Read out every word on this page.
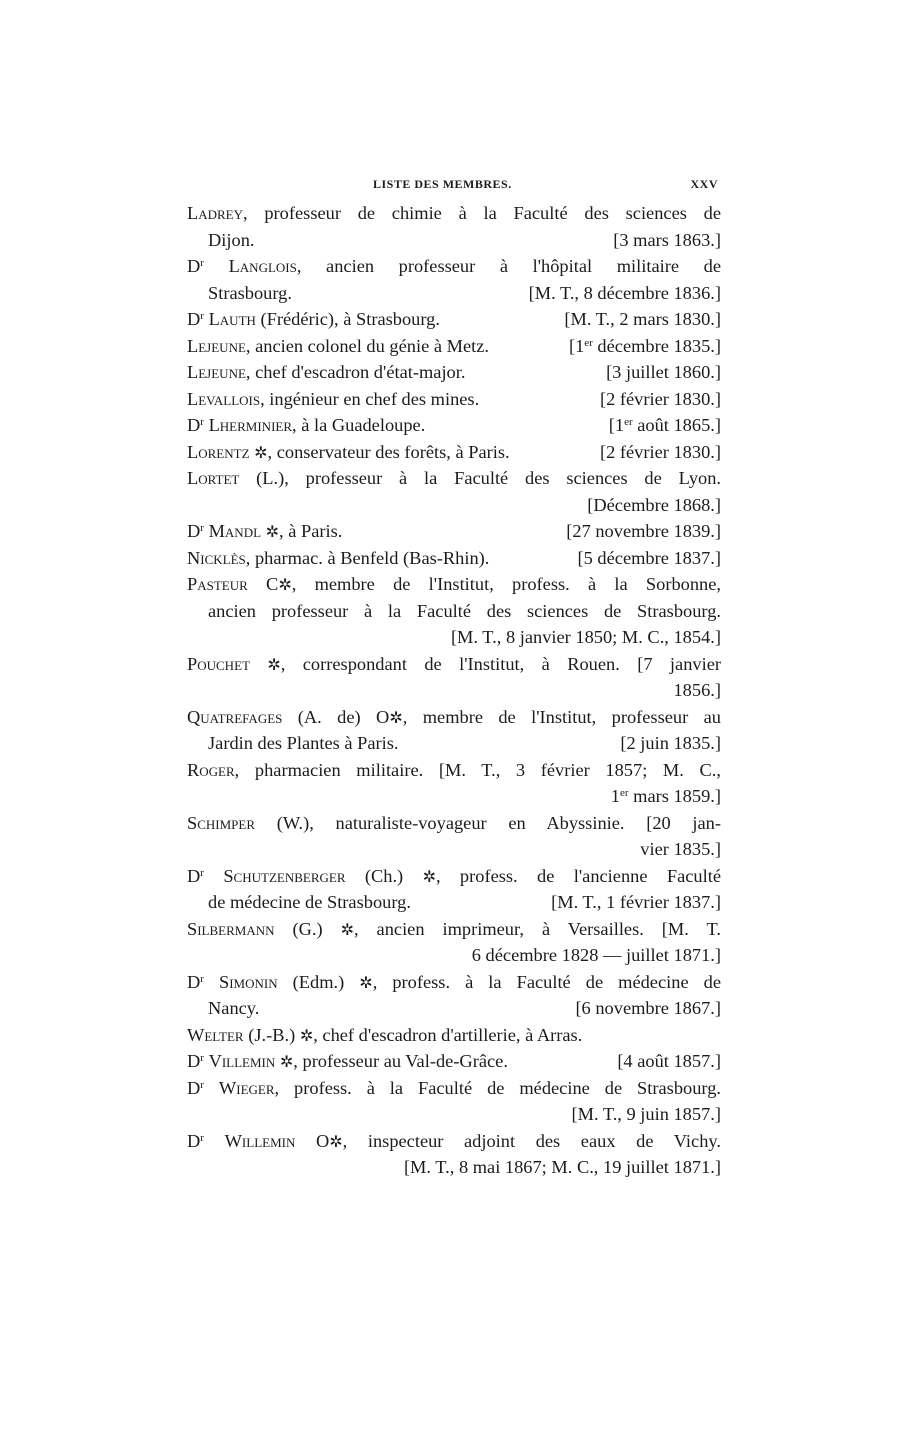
LISTE DES MEMBRES.	XXV
Ladrey, professeur de chimie à la Faculté des sciences de
Dijon.	[3 mars 1863.]
$D^r$ Langlois, ancien professeur à l'hôpital militaire de
Strasbourg.	[M. T., 8 décembre 1836.]
$D^r$ Lauth (Frédéric), à Strasbourg.	[M. T., 2 mars 1830.]
Lejeune, ancien colonel du génie à Metz.	[1er décembre 1835.]
Lejeune, chef d'escadron d'état-major.	[3 juillet 1860.]
Levallois, ingénieur en chef des mines.	[2 février 1830.]
$D^r$ Lherminier, à la Guadeloupe.	[1er août 1865.]
Lorentz ✲, conservateur des forêts, à Paris.	[2 février 1830.]
Lortet (L.), professeur à la Faculté des sciences de Lyon.
[Décembre 1868.]
$D^r$ Mandl ✲, à Paris.	[27 novembre 1839.]
Nicklès, pharmac. à Benfeld (Bas-Rhin).	[5 décembre 1837.]
Pasteur C✲, membre de l'Institut, profess. à la Sorbonne,
ancien professeur à la Faculté des sciences de Strasbourg.
[M. T., 8 janvier 1850; M. C., 1854.]
Pouchet ✲, correspondant de l'Institut, à Rouen. [7 janvier
1856.]
Quatrefages (A. de) O✲, membre de l'Institut, professeur au
Jardin des Plantes à Paris.	[2 juin 1835.]
Roger, pharmacien militaire. [M. T., 3 février 1857; M. C.,
1er mars 1859.]
Schimper (W.), naturaliste-voyageur en Abyssinie. [20 jan-
vier 1835.]
$D^r$ Schutzenberger (Ch.) ✲, profess. de l'ancienne Faculté
de médecine de Strasbourg.	[M. T., 1 février 1837.]
Silbermann (G.) ✲, ancien imprimeur, à Versailles. [M. T.
6 décembre 1828 — juillet 1871.]
$D^r$ Simonin (Edm.) ✲, profess. à la Faculté de médecine de
Nancy.	[6 novembre 1867.]
Welter (J.-B.) ✲, chef d'escadron d'artillerie, à Arras.
$D^r$ Villemin ✲, professeur au Val-de-Grâce.	[4 août 1857.]
$D^r$ Wieger, profess. à la Faculté de médecine de Strasbourg.
[M. T., 9 juin 1857.]
$D^r$ Willemin O✲, inspecteur adjoint des eaux de Vichy.
[M. T., 8 mai 1867; M. C., 19 juillet 1871.]
